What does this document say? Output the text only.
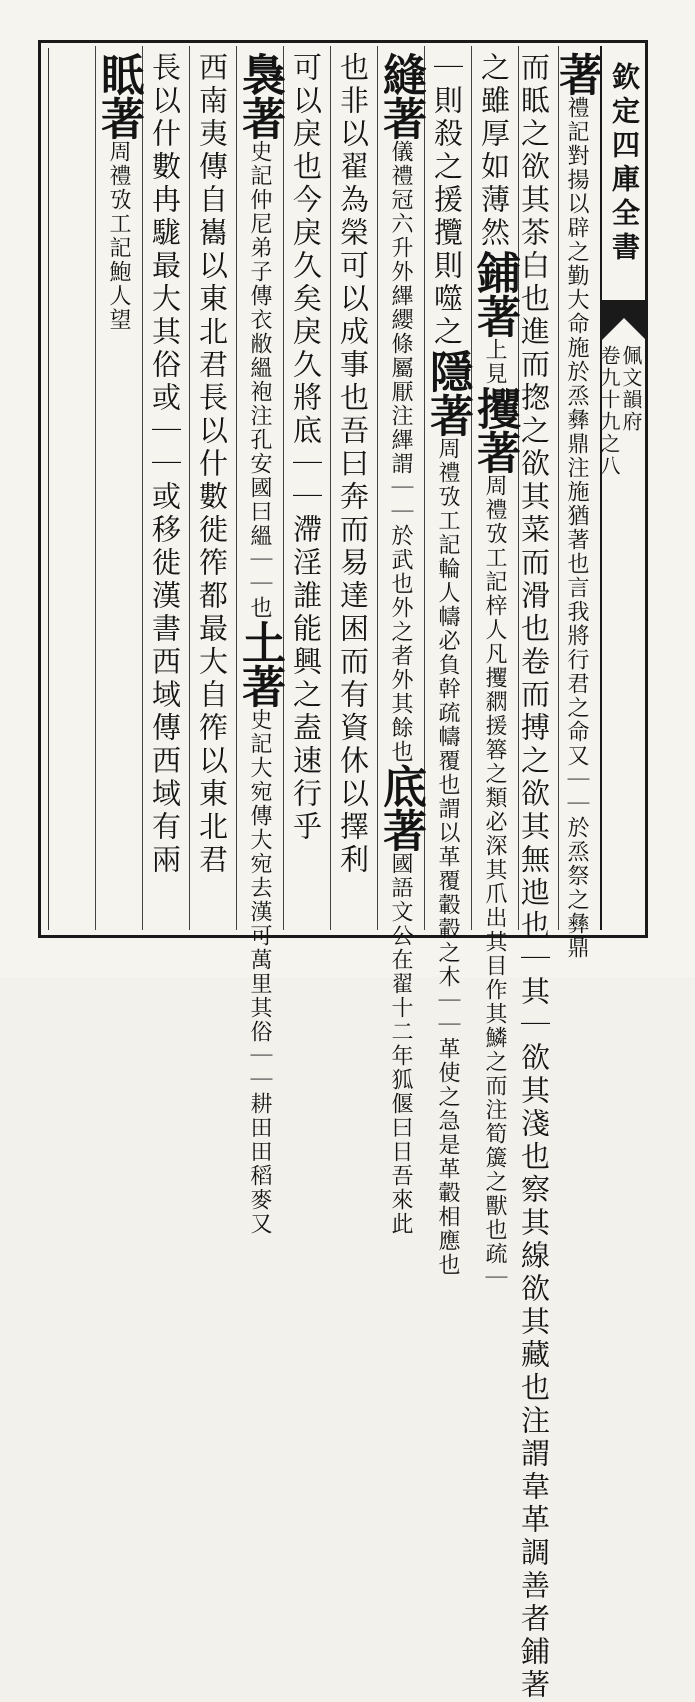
著禮記對揚以辟之勤大命施於烝彝鼎注施猶著也言我將行君之命又｜｜於烝祭之彝鼎
而眡之欲其茶白也進而揔之欲其菜而滑也卷而搏之欲其無迆也｜其｜欲其淺也察其線欲其藏也注謂韋革調善者鋪著
之雖厚如薄然鋪著上見攫著周禮攷工記梓人凡攫閷援簭之類必深其爪出其目作其鱗之而注筍簴之獸也疏｜
｜則殺之援攬則噬之隱著周禮攷工記輪人幬必負幹疏幬覆也謂以革覆轂轂之木｜｜革使之急是革轂相應也
縫著儀禮冠六升外縪纓條屬厭注縪謂｜｜於武也外之者外其餘也底著國語文公在翟十二年狐偃曰日吾來此
也非以翟為榮可以成事也吾曰奔而易達困而有資休以擇利
可以戾也今戾久矣戾久將底｜｜滯淫誰能興之盍速行乎
裊著史記仲尼弟子傳衣敝縕袍注孔安國曰縕｜｜也土著史記大宛傳大宛去漢可萬里其俗｜｜耕田田稻麥又
西南夷傳自巂以東北君長以什數徙筰都最大自筰以東北君
長以什數冉駹最大其俗或｜｜或移徙漢書西域傳西域有兩
眡著周禮攷工記鮑人望	欽定四庫全書
佩文韻府
卷九十九之八
